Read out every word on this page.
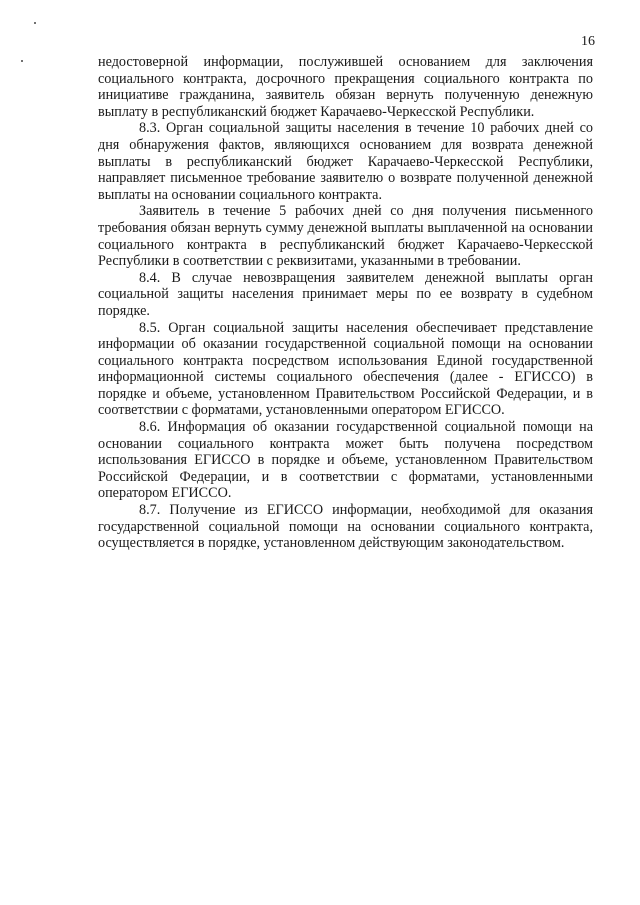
16

недостоверной информации, послужившей основанием для заключения социального контракта, досрочного прекращения социального контракта по инициативе гражданина, заявитель обязан вернуть полученную денежную выплату в республиканский бюджет Карачаево-Черкесской Республики.

8.3. Орган социальной защиты населения в течение 10 рабочих дней со дня обнаружения фактов, являющихся основанием для возврата денежной выплаты в республиканский бюджет Карачаево-Черкесской Республики, направляет письменное требование заявителю о возврате полученной денежной выплаты на основании социального контракта.

Заявитель в течение 5 рабочих дней со дня получения письменного требования обязан вернуть сумму денежной выплаты выплаченной на основании социального контракта в республиканский бюджет Карачаево-Черкесской Республики в соответствии с реквизитами, указанными в требовании.

8.4. В случае невозвращения заявителем денежной выплаты орган социальной защиты населения принимает меры по ее возврату в судебном порядке.

8.5. Орган социальной защиты населения обеспечивает представление информации об оказании государственной социальной помощи на основании социального контракта посредством использования Единой государственной информационной системы социального обеспечения (далее - ЕГИССО) в порядке и объеме, установленном Правительством Российской Федерации, и в соответствии с форматами, установленными оператором ЕГИССО.

8.6. Информация об оказании государственной социальной помощи на основании социального контракта может быть получена посредством использования ЕГИССО в порядке и объеме, установленном Правительством Российской Федерации, и в соответствии с форматами, установленными оператором ЕГИССО.

8.7. Получение из ЕГИССО информации, необходимой для оказания государственной социальной помощи на основании социального контракта, осуществляется в порядке, установленном действующим законодательством.
